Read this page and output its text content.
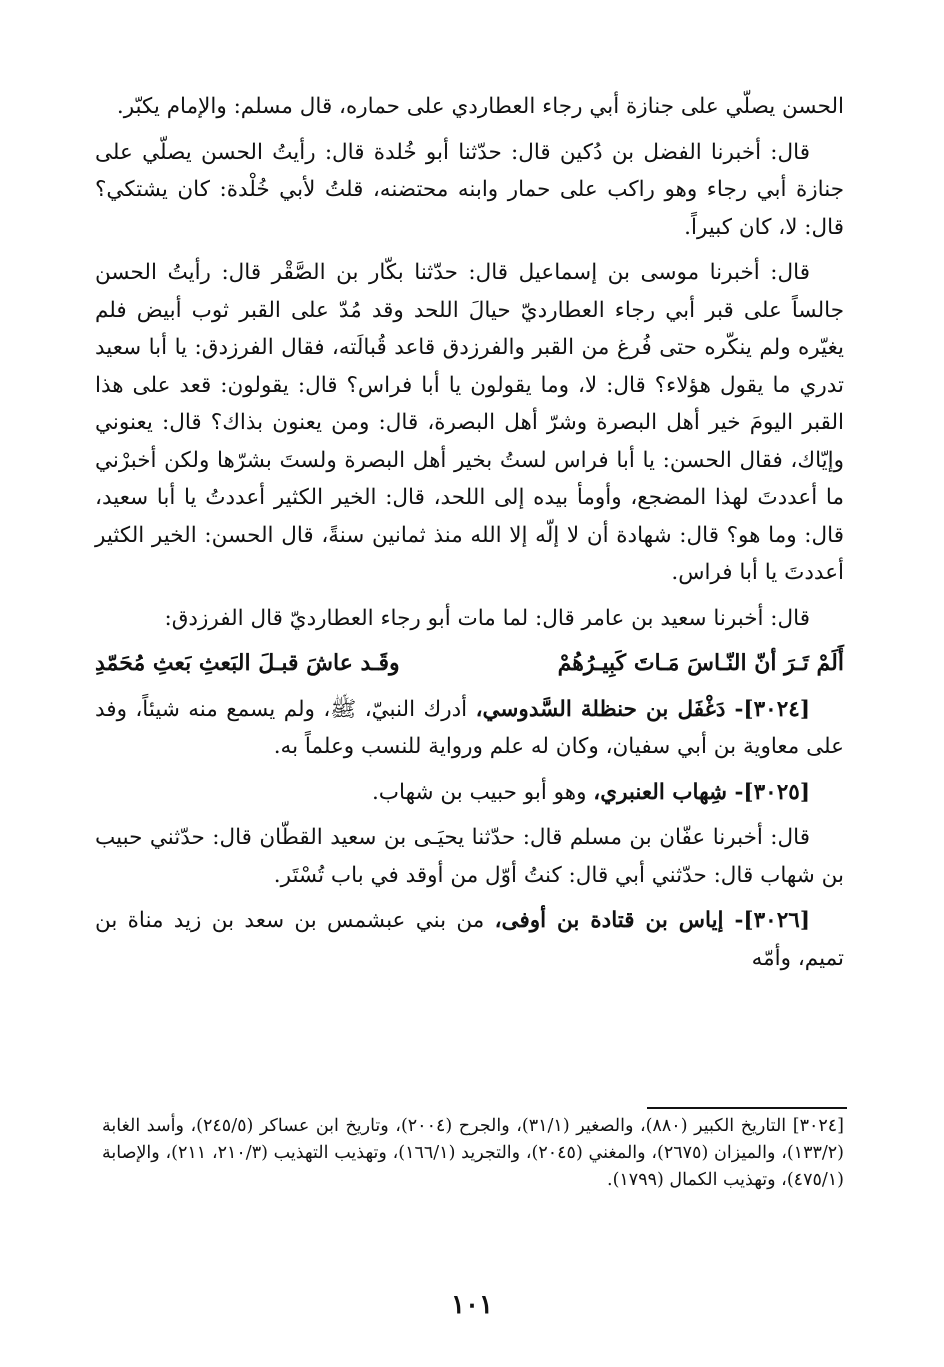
الحسن يصلّي على جنازة أبي رجاء العطاردي على حماره، قال مسلم: والإمام يكبّر.

قال: أخبرنا الفضل بن دُكين قال: حدّثنا أبو خُلدة قال: رأيتُ الحسن يصلّي على جنازة أبي رجاء وهو راكب على حمار وابنه محتضنه، قلتُ لأبي خُلْدة: كان يشتكي؟ قال: لا، كان كبيراً.

قال: أخبرنا موسى بن إسماعيل قال: حدّثنا بكّار بن الصَّقْر قال: رأيتُ الحسن جالساً على قبر أبي رجاء العطارديّ حيالَ اللحد وقد مُدّ على القبر ثوب أبيض فلم يغيّره ولم ينكّره حتى فُرغ من القبر والفرزدق قاعد قُبالَته، فقال الفرزدق: يا أبا سعيد تدري ما يقول هؤلاء؟ قال: لا، وما يقولون يا أبا فراس؟ قال: يقولون: قعد على هذا القبر اليومَ خير أهل البصرة وشرّ أهل البصرة، قال: ومن يعنون بذاك؟ قال: يعنوني وإيّاك، فقال الحسن: يا أبا فراس لستُ بخير أهل البصرة ولستَ بشرّها ولكن أخبرْني ما أعددتَ لهذا المضجع، وأومأ بيده إلى اللحد، قال: الخير الكثير أعددتُ يا أبا سعيد، قال: وما هو؟ قال: شهادة أن لا إلّه إلا الله منذ ثمانين سنةً، قال الحسن: الخير الكثير أعددتَ يا أبا فراس.

قال: أخبرنا سعيد بن عامر قال: لما مات أبو رجاء العطارديّ قال الفرزدق:

أَلَمْ تَـرَ أنّ النّـاسَ مَـاتَ كَبِيـرُهُمْ
وقَـد عاشَ قبـلَ البَعثِ بَعثِ مُحَمّدِ

[٣٠٢٤]- دَغْفَل بن حنظلة السَّدوسي، أدرك النبيّ، ﷺ، ولم يسمع منه شيئاً، وفد على معاوية بن أبي سفيان، وكان له علم ورواية للنسب وعلماً به.

[٣٠٢٥]- شِهاب العنبري، وهو أبو حبيب بن شهاب.

قال: أخبرنا عفّان بن مسلم قال: حدّثنا يحيَـى بن سعيد القطّان قال: حدّثني حبيب بن شهاب قال: حدّثني أبي قال: كنتُ أوّل من أوقد في باب تُسْتَر.

[٣٠٢٦]- إياس بن قتادة بن أوفى، من بني عبشمس بن سعد بن زيد مناة بن تميم، وأمّه

[٣٠٢٤] التاريخ الكبير (٨٨٠)، والصغير (٣١/١)، والجرح (٢٠٠٤)، وتاريخ ابن عساكر (٢٤٥/٥)، وأسد الغابة (١٣٣/٢)، والميزان (٢٦٧٥)، والمغني (٢٠٤٥)، والتجريد (١٦٦/١)، وتهذيب التهذيب (٢١٠/٣، ٢١١)، والإصابة (٤٧٥/١)، وتهذيب الكمال (١٧٩٩).

١٠١
